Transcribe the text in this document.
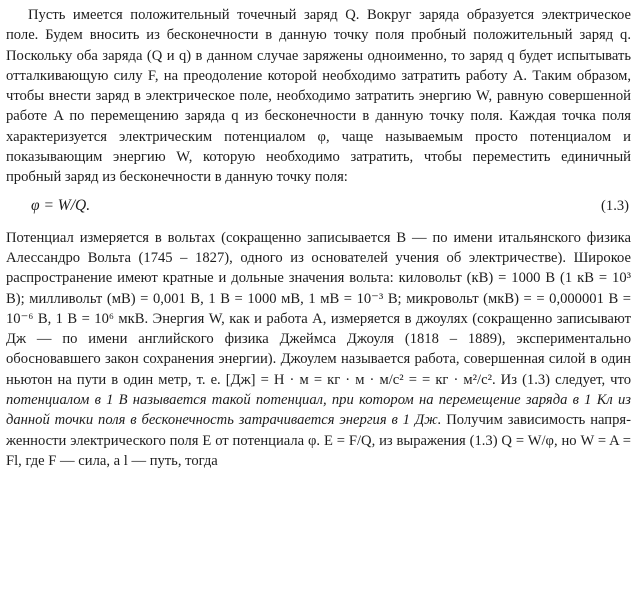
Пусть имеется положительный точечный заряд Q. Вокруг заряда образуется электрическое поле. Будем вносить из бесконечности в данную точку поля пробный положительный заряд q. Поскольку оба заряда (Q и q) в данном случае заряжены одноименно, то заряд q будет испытывать отталкивающую силу F, на преодоление которой необходимо затратить работу A. Таким образом, чтобы внести заряд в электрическое поле, необходимо затратить энергию W, равную совершенной работе A по перемещению заряда q из бесконечности в данную точку поля. Каждая точка поля характеризуется электрическим потенциалом φ, чаще называемым просто потенциалом и показывающим энергию W, которую необходимо затратить, чтобы переместить единичный пробный заряд из бесконечности в данную точку поля:

φ = W/Q.	(1.3)

Потенциал измеряется в вольтах (сокращенно записывается В — по имени итальянского физика Алессандро Вольта (1745 – 1827), одного из основателей учения об электричестве). Широкое распространение имеют кратные и дольные значения вольта: киловольт (кВ) = 1000 В (1 кВ = 10³ В); милливольт (мВ) = 0,001 В, 1 В = 1000 мВ, 1 мВ = 10⁻³ В; микровольт (мкВ) = = 0,000001 В = 10⁻⁶ В, 1 В = 10⁶ мкВ. Энергия W, как и работа A, измеряется в джоулях (сокращенно записывают Дж — по имени английского физика Джеймса Джоуля (1818 – 1889), экспериментально обосновавшего закон сохранения энергии). Джоулем называется работа, совершенная силой в один ньютон на пути в один метр, т. е. [Дж] = Н · м = кг · м · м/c² = = кг · м²/c². Из (1.3) следует, что потенциалом в 1 В называется такой потенциал, при котором на перемещение заряда в 1 Кл из данной точки поля в бесконечность затрачивается энергия в 1 Дж. Получим зависимость напряженности электрического поля E от потенциала φ. E = F/Q, из выражения (1.3) Q = W/φ, но W = A = Fl, где F — сила, а l — путь, тогда
